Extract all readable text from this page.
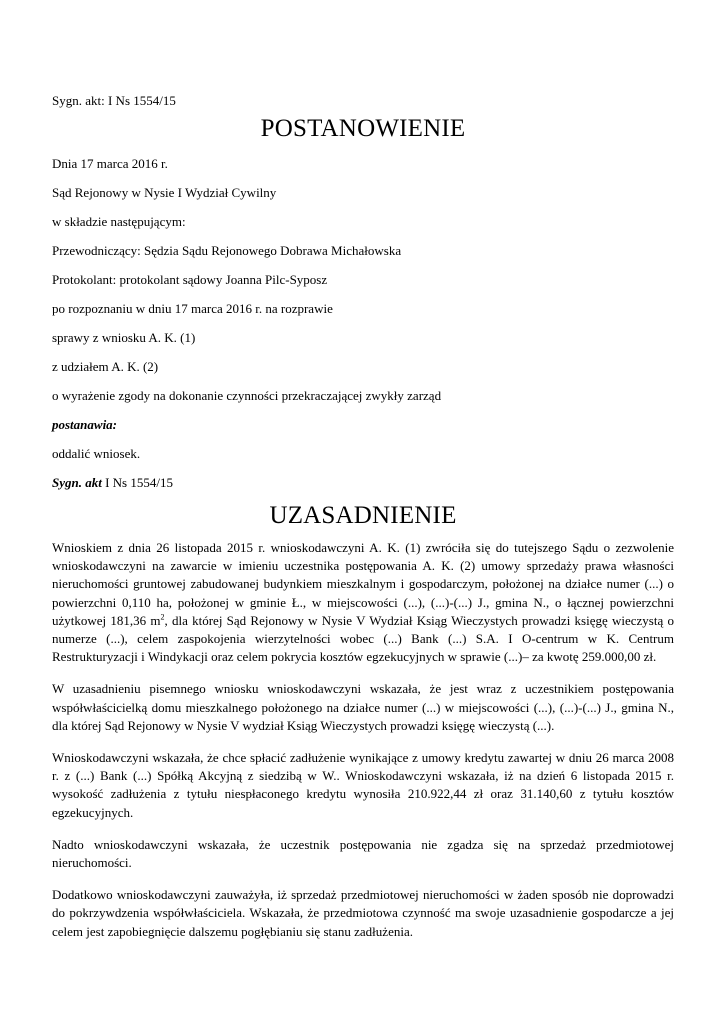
Sygn. akt: I Ns 1554/15
POSTANOWIENIE
Dnia 17 marca 2016 r.
Sąd Rejonowy w Nysie I Wydział Cywilny
w składzie następującym:
Przewodniczący: Sędzia Sądu Rejonowego Dobrawa Michałowska
Protokolant: protokolant sądowy Joanna Pilc-Syposz
po rozpoznaniu w dniu 17 marca 2016 r. na rozprawie
sprawy z wniosku A. K. (1)
z udziałem A. K. (2)
o wyrażenie zgody na dokonanie czynności przekraczającej zwykły zarząd
postanawia:
oddalić wniosek.
Sygn. akt I Ns 1554/15
UZASADNIENIE

Wnioskiem z dnia 26 listopada 2015 r. wnioskodawczyni A. K. (1) zwróciła się do tutejszego Sądu o zezwolenie wnioskodawczyni na zawarcie w imieniu uczestnika postępowania A. K. (2) umowy sprzedaży prawa własności nieruchomości gruntowej zabudowanej budynkiem mieszkalnym i gospodarczym, położonej na działce numer (...) o powierzchni 0,110 ha, położonej w gminie Ł., w miejscowości (...), (...)-(...) J., gmina N., o łącznej powierzchni użytkowej 181,36 $m^2$, dla której Sąd Rejonowy w Nysie V Wydział Ksiąg Wieczystych prowadzi księgę wieczystą o numerze (...), celem zaspokojenia wierzytelności wobec (...) Bank (...) S.A. I O-centrum w K. Centrum Restrukturyzacji i Windykacji oraz celem pokrycia kosztów egzekucyjnych w sprawie (...)– za kwotę 259.000,00 zł.

W uzasadnieniu pisemnego wniosku wnioskodawczyni wskazała, że jest wraz z uczestnikiem postępowania współwłaścicielką domu mieszkalnego położonego na działce numer (...) w miejscowości (...), (...)-(...) J., gmina N., dla której Sąd Rejonowy w Nysie V wydział Ksiąg Wieczystych prowadzi księgę wieczystą (...).

Wnioskodawczyni wskazała, że chce spłacić zadłużenie wynikające z umowy kredytu zawartej w dniu 26 marca 2008 r. z (...) Bank (...) Spółką Akcyjną z siedzibą w W.. Wnioskodawczyni wskazała, iż na dzień 6 listopada 2015 r. wysokość zadłużenia z tytułu niespłaconego kredytu wynosiła 210.922,44 zł oraz 31.140,60 z tytułu kosztów egzekucyjnych.

Nadto wnioskodawczyni wskazała, że uczestnik postępowania nie zgadza się na sprzedaż przedmiotowej nieruchomości.

Dodatkowo wnioskodawczyni zauważyła, iż sprzedaż przedmiotowej nieruchomości w żaden sposób nie doprowadzi do pokrzywdzenia współwłaściciela. Wskazała, że przedmiotowa czynność ma swoje uzasadnienie gospodarcze a jej celem jest zapobiegnięcie dalszemu pogłębianiu się stanu zadłużenia.
